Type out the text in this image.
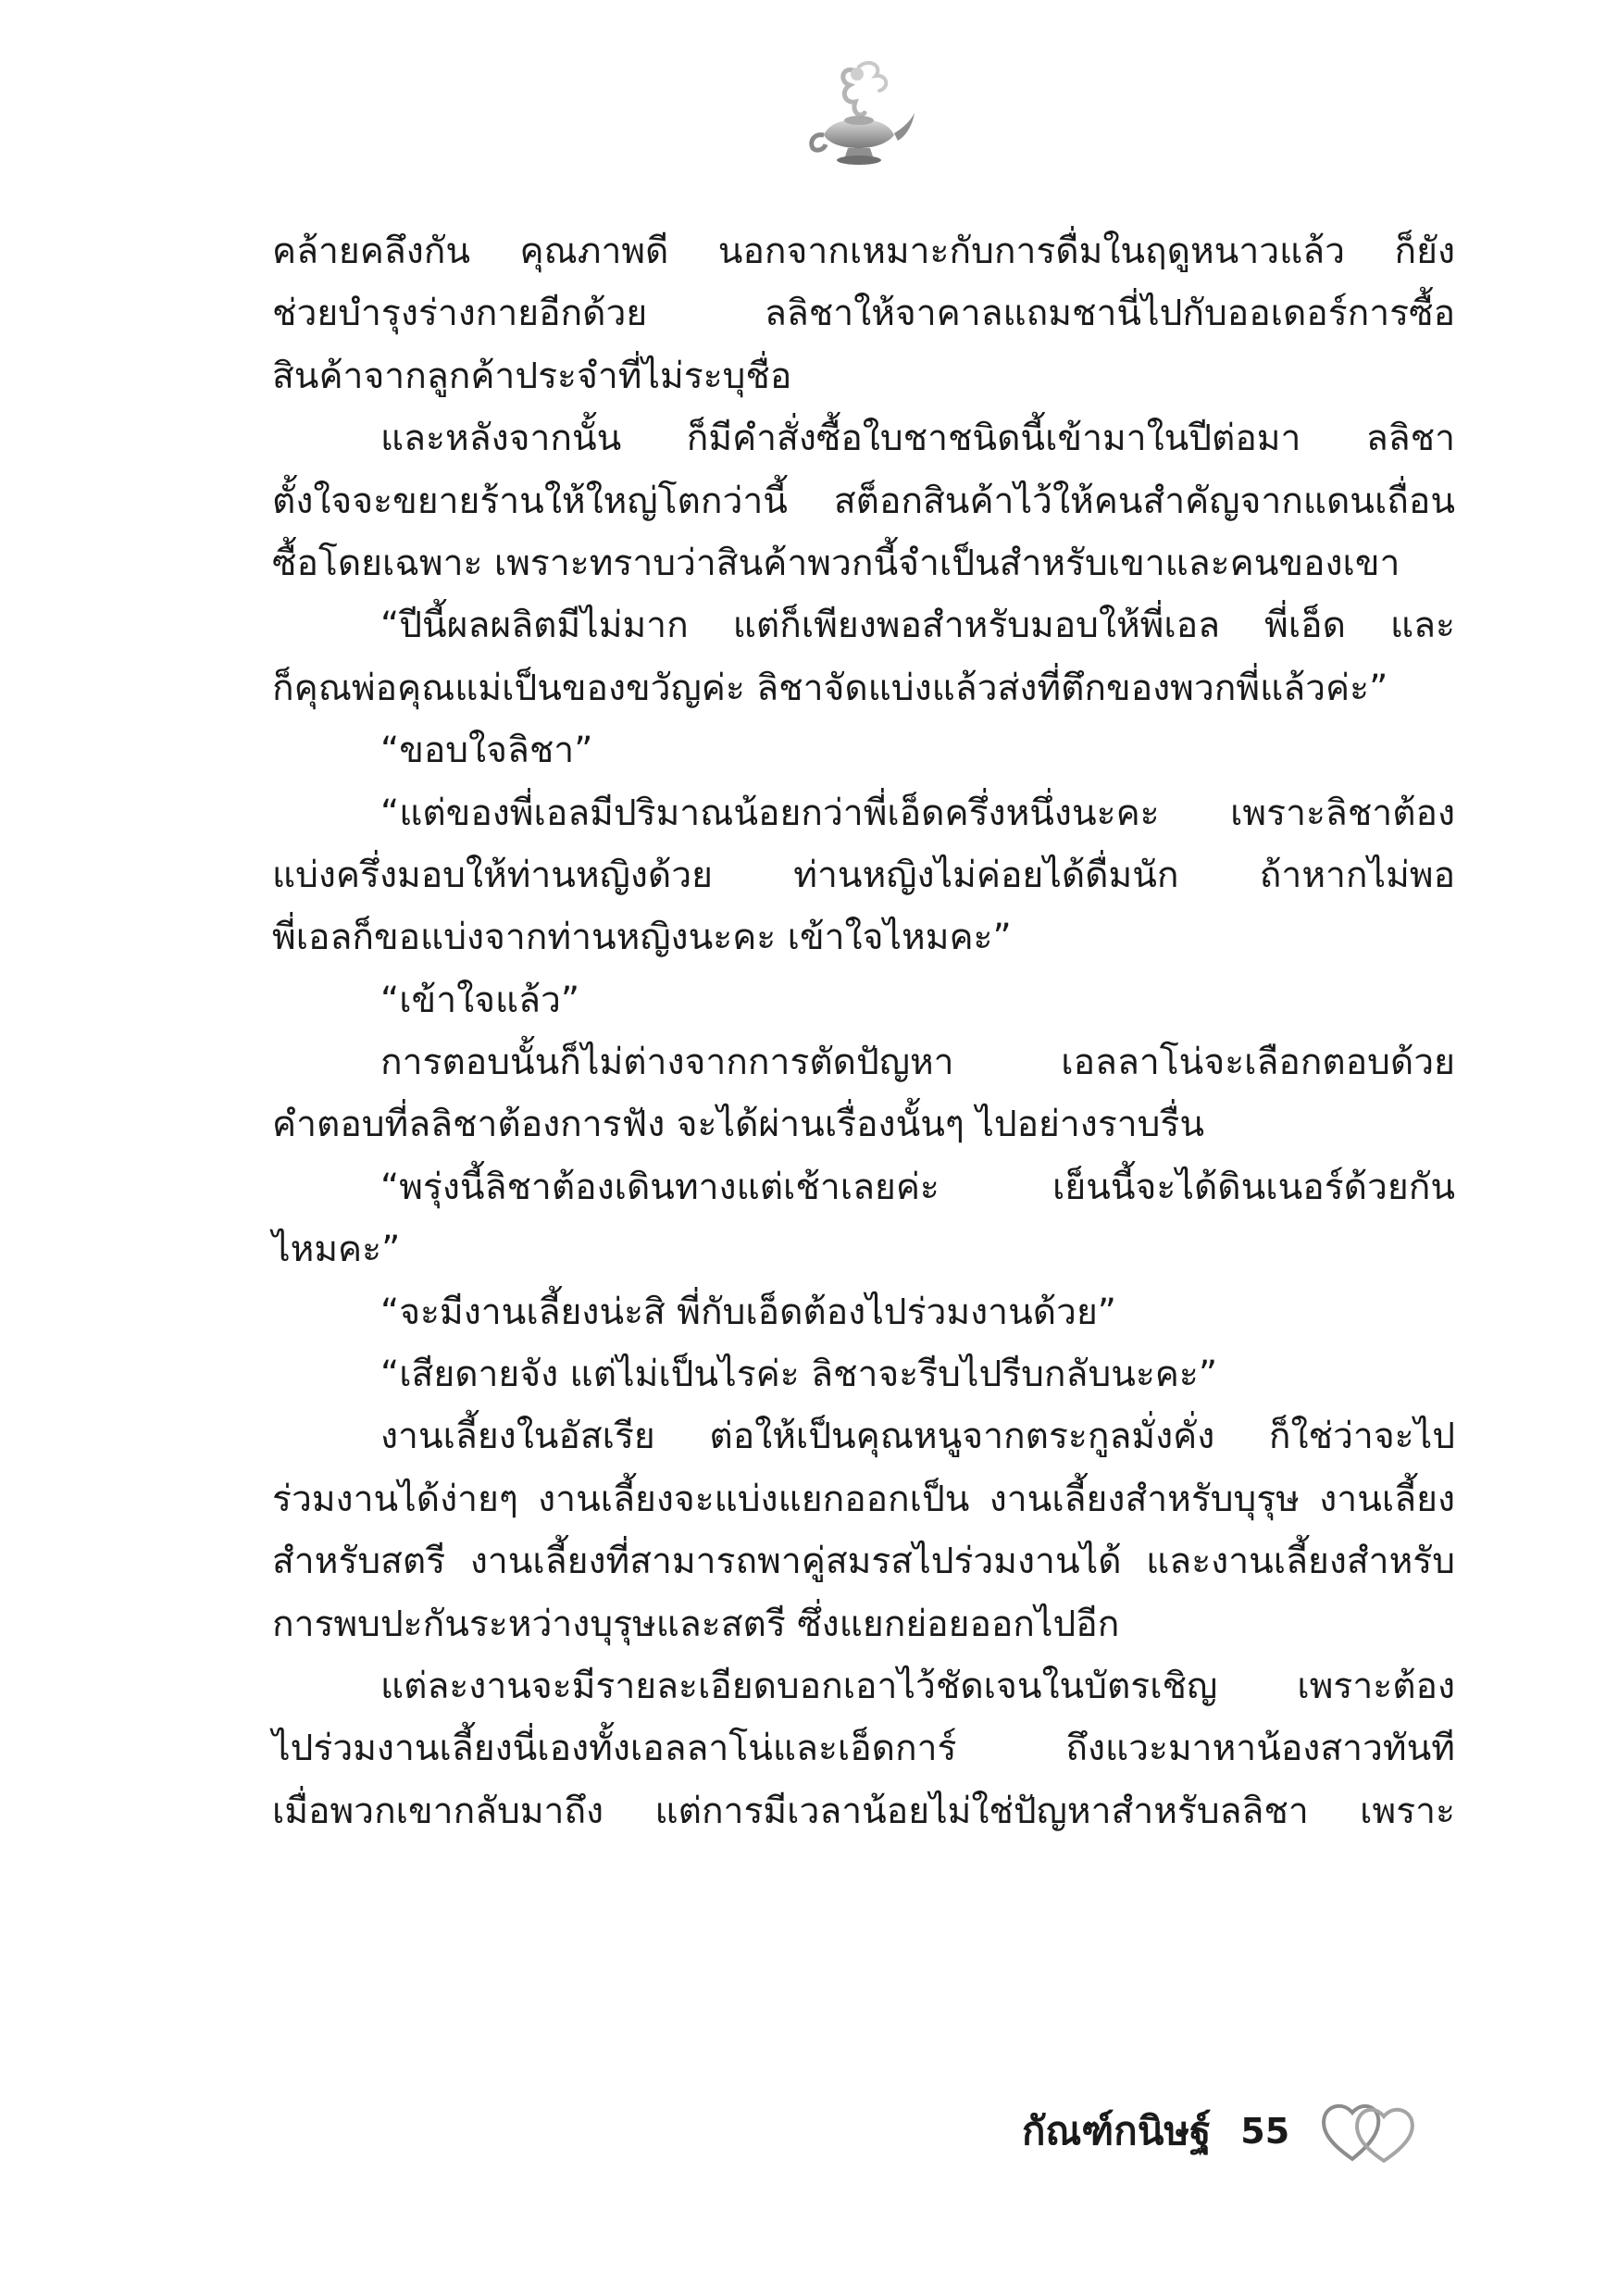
คล้ายคลึงกัน คุณภาพดี นอกจากเหมาะกับการดื่มในฤดูหนาวแล้ว ก็ยัง
ช่วยบำรุงร่างกายอีกด้วย ลลิชาให้จาคาลแถมชานี่ไปกับออเดอร์การซื้อ
สินค้าจากลูกค้าประจำที่ไม่ระบุชื่อ
และหลังจากนั้น ก็มีคำสั่งซื้อใบชาชนิดนี้เข้ามาในปีต่อมา ลลิชา
ตั้งใจจะขยายร้านให้ใหญ่โตกว่านี้ สต็อกสินค้าไว้ให้คนสำคัญจากแดนเถื่อน
ซื้อโดยเฉพาะ เพราะทราบว่าสินค้าพวกนี้จำเป็นสำหรับเขาและคนของเขา
“ปีนี้ผลผลิตมีไม่มาก แต่ก็เพียงพอสำหรับมอบให้พี่เอล พี่เอ็ด และ
ก็คุณพ่อคุณแม่เป็นของขวัญค่ะ ลิชาจัดแบ่งแล้วส่งที่ตึกของพวกพี่แล้วค่ะ”
“ขอบใจลิชา”
“แต่ของพี่เอลมีปริมาณน้อยกว่าพี่เอ็ดครึ่งหนึ่งนะคะ เพราะลิชาต้อง
แบ่งครึ่งมอบให้ท่านหญิงด้วย ท่านหญิงไม่ค่อยได้ดื่มนัก ถ้าหากไม่พอ
พี่เอลก็ขอแบ่งจากท่านหญิงนะคะ เข้าใจไหมคะ”
“เข้าใจแล้ว”
การตอบนั้นก็ไม่ต่างจากการตัดปัญหา เอลลาโน่จะเลือกตอบด้วย
คำตอบที่ลลิชาต้องการฟัง จะได้ผ่านเรื่องนั้นๆ ไปอย่างราบรื่น
“พรุ่งนี้ลิชาต้องเดินทางแต่เช้าเลยค่ะ เย็นนี้จะได้ดินเนอร์ด้วยกัน
ไหมคะ”
“จะมีงานเลี้ยงน่ะสิ พี่กับเอ็ดต้องไปร่วมงานด้วย”
“เสียดายจัง แต่ไม่เป็นไรค่ะ ลิชาจะรีบไปรีบกลับนะคะ”
งานเลี้ยงในอัสเรีย ต่อให้เป็นคุณหนูจากตระกูลมั่งคั่ง ก็ใช่ว่าจะไป
ร่วมงานได้ง่ายๆ งานเลี้ยงจะแบ่งแยกออกเป็น งานเลี้ยงสำหรับบุรุษ งานเลี้ยง
สำหรับสตรี งานเลี้ยงที่สามารถพาคู่สมรสไปร่วมงานได้ และงานเลี้ยงสำหรับ
การพบปะกันระหว่างบุรุษและสตรี ซึ่งแยกย่อยออกไปอีก
แต่ละงานจะมีรายละเอียดบอกเอาไว้ชัดเจนในบัตรเชิญ เพราะต้อง
ไปร่วมงานเลี้ยงนี่เองทั้งเอลลาโน่และเอ็ดการ์ ถึงแวะมาหาน้องสาวทันที
เมื่อพวกเขากลับมาถึง แต่การมีเวลาน้อยไม่ใช่ปัญหาสำหรับลลิชา เพราะ
กัณฑ์กนิษฐ์ 55
